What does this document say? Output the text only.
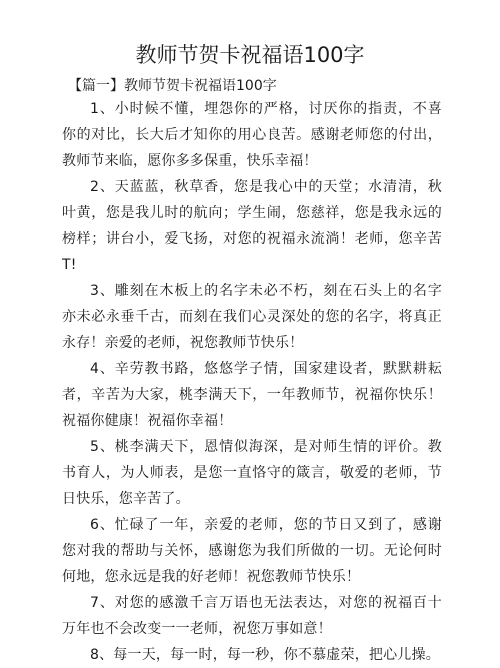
教师节贺卡祝福语100字

【篇一】教师节贺卡祝福语100字

1、小时候不懂，埋怨你的严格，讨厌你的指责，不喜 你的对比，长大后才知你的用心良苦。感谢老师您的付出， 教师节来临，愿你多多保重，快乐幸福！

2、天蓝蓝，秋草香，您是我心中的天堂；水清清，秋 叶黄，您是我儿时的航向；学生闹，您慈祥，您是我永远的 榜样；讲台小，爱飞扬，对您的祝福永流淌！老师，您辛苦 T!

3、雕刻在木板上的名字未必不朽，刻在石头上的名字 亦未必永垂千古，而刻在我们心灵深处的您的名字，将真正 永存！亲爱的老师，祝您教师节快乐！

4、辛劳教书路，悠悠学子情，国家建设者，默默耕耘 者，辛苦为大家，桃李满天下，一年教师节，祝福你快乐！ 祝福你健康！祝福你幸福！

5、桃李满天下，恩情似海深，是对师生情的评价。教 书育人，为人师表，是您一直恪守的箴言，敬爱的老师，节 日快乐，您辛苦了。

6、忙碌了一年，亲爱的老师，您的节日又到了，感谢 您对我的帮助与关怀，感谢您为我们所做的一切。无论何时 何地，您永远是我的好老师！祝您教师节快乐！

7、对您的感激千言万语也无法表达，对您的祝福百十 万年也不会改变一一老师，祝您万事如意！

8、每一天，每一时，每一秒，你不慕虚荣，把心儿操。
